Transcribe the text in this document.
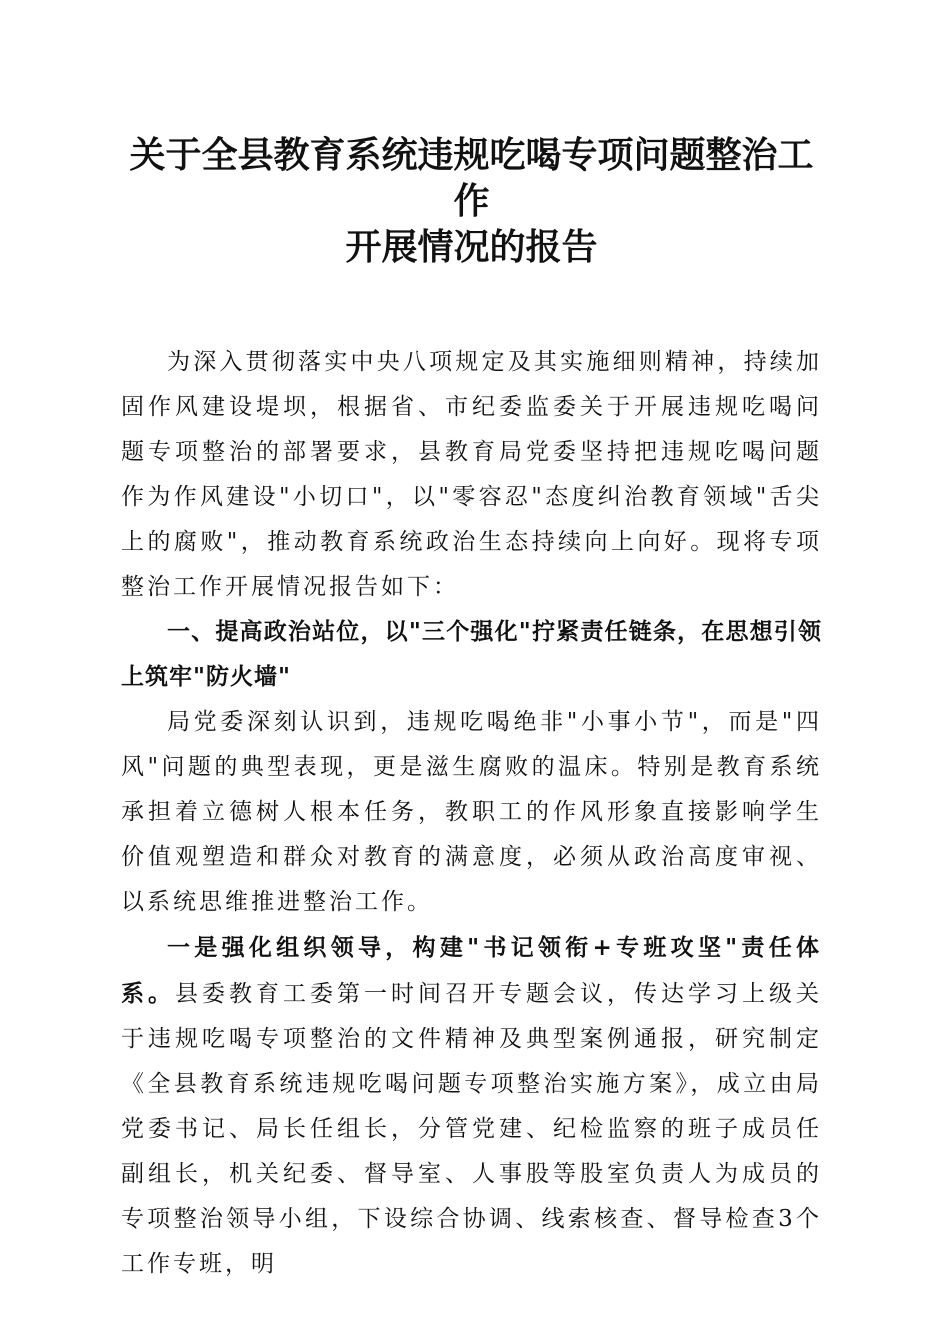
关于全县教育系统违规吃喝专项问题整治工作
开展情况的报告

为深入贯彻落实中央八项规定及其实施细则精神，持续加固作风建设堤坝，根据省、市纪委监委关于开展违规吃喝问题专项整治的部署要求，县教育局党委坚持把违规吃喝问题作为作风建设"小切口"，以"零容忍"态度纠治教育领域"舌尖上的腐败"，推动教育系统政治生态持续向上向好。现将专项整治工作开展情况报告如下：

一、提高政治站位，以"三个强化"拧紧责任链条，在思想引领上筑牢"防火墙"

局党委深刻认识到，违规吃喝绝非"小事小节"，而是"四风"问题的典型表现，更是滋生腐败的温床。特别是教育系统承担着立德树人根本任务，教职工的作风形象直接影响学生价值观塑造和群众对教育的满意度，必须从政治高度审视、以系统思维推进整治工作。

一是强化组织领导，构建"书记领衔+专班攻坚"责任体系。县委教育工委第一时间召开专题会议，传达学习上级关于违规吃喝专项整治的文件精神及典型案例通报，研究制定《全县教育系统违规吃喝问题专项整治实施方案》，成立由局党委书记、局长任组长，分管党建、纪检监察的班子成员任副组长，机关纪委、督导室、人事股等股室负责人为成员的专项整治领导小组，下设综合协调、线索核查、督导检查3个工作专班，明
